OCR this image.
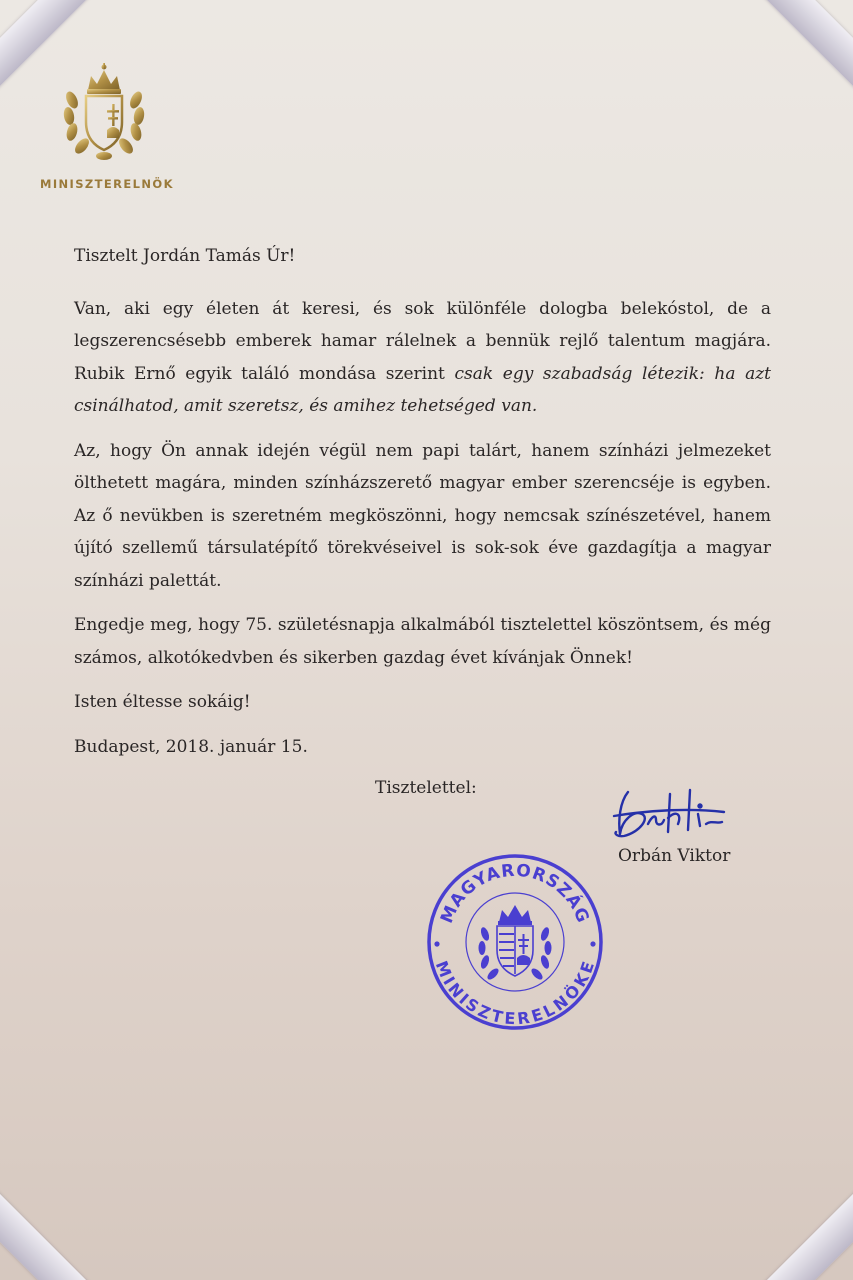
MINISZTERELNÖK

Tisztelt Jordán Tamás Úr!

Van, aki egy életen át keresi, és sok különféle dologba belekóstol, de a legszerencsésebb emberek hamar rálelnek a bennük rejlő talentum magjára. Rubik Ernő egyik találó mondása szerint csak egy szabadság létezik: ha azt csinálhatod, amit szeretsz, és amihez tehetséged van.

Az, hogy Ön annak idején végül nem papi talárt, hanem színházi jelmezeket ölthetett magára, minden színházszerető magyar ember szerencséje is egyben. Az ő nevükben is szeretném megköszönni, hogy nemcsak színészetével, hanem újító szellemű társulatépítő törekvéseivel is sok-sok éve gazdagítja a magyar színházi palettát.

Engedje meg, hogy 75. születésnapja alkalmából tisztelettel köszöntsem, és még számos, alkotókedvben és sikerben gazdag évet kívánjak Önnek!

Isten éltesse sokáig!

Budapest, 2018. január 15.

Tisztelettel:
Orbán Viktor
MAGYARORSZÁG
MINISZTERELNÖKE
